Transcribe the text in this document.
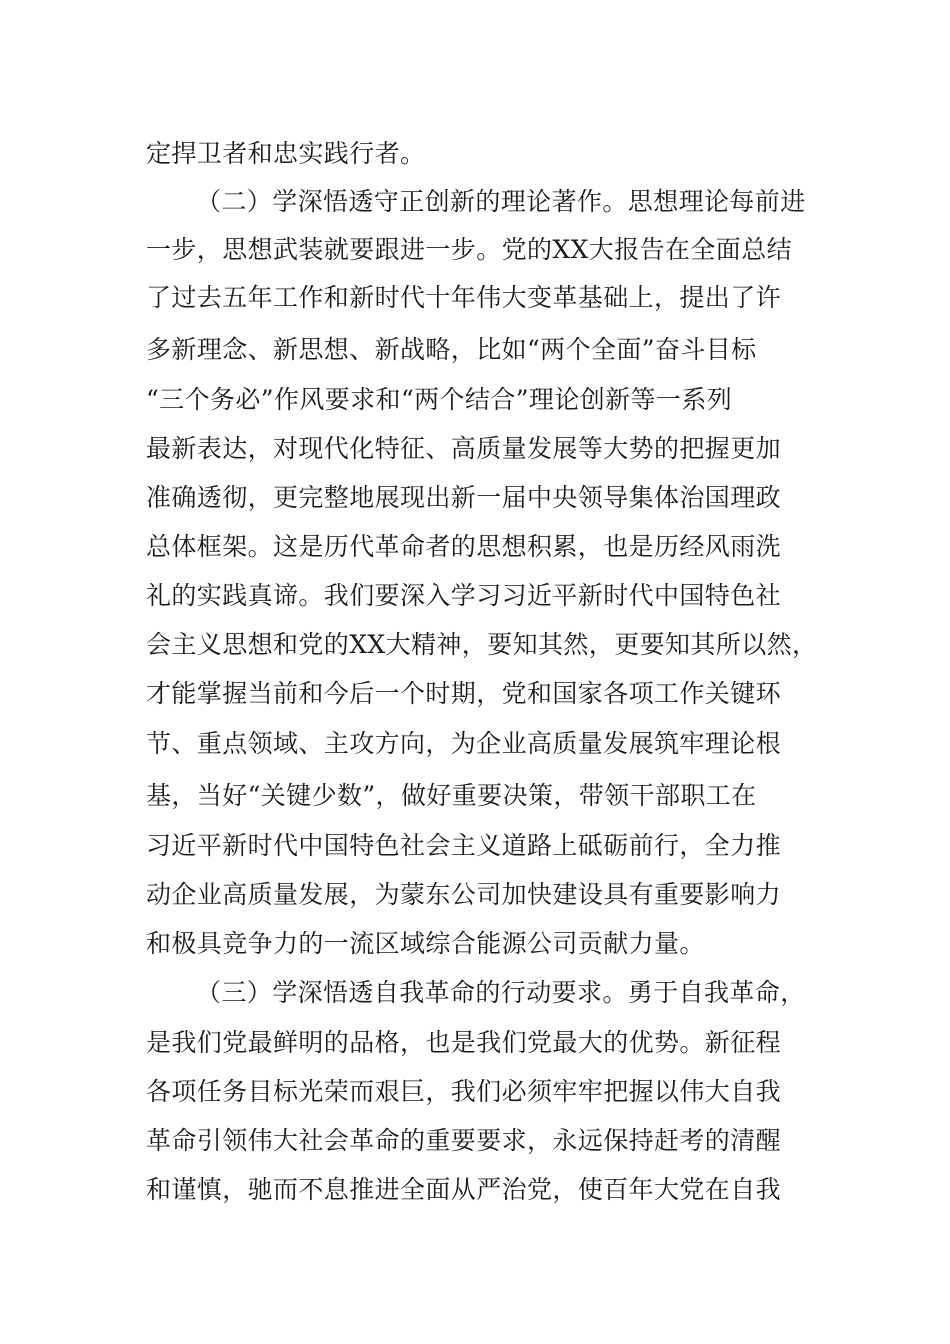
定捍卫者和忠实践行者。

（二）学深悟透守正创新的理论著作。思想理论每前进

一步，思想武装就要跟进一步。党的XX大报告在全面总结

了过去五年工作和新时代十年伟大变革基础上，提出了许

多新理念、新思想、新战略，比如“两个全面”奋斗目标

“三个务必”作风要求和“两个结合”理论创新等一系列

最新表达，对现代化特征、高质量发展等大势的把握更加

准确透彻，更完整地展现出新一届中央领导集体治国理政

总体框架。这是历代革命者的思想积累，也是历经风雨洗

礼的实践真谛。我们要深入学习习近平新时代中国特色社

会主义思想和党的XX大精神，要知其然，更要知其所以然，

才能掌握当前和今后一个时期，党和国家各项工作关键环

节、重点领域、主攻方向，为企业高质量发展筑牢理论根

基，当好“关键少数”，做好重要决策，带领干部职工在

习近平新时代中国特色社会主义道路上砥砺前行，全力推

动企业高质量发展，为蒙东公司加快建设具有重要影响力

和极具竞争力的一流区域综合能源公司贡献力量。

（三）学深悟透自我革命的行动要求。勇于自我革命，

是我们党最鲜明的品格，也是我们党最大的优势。新征程

各项任务目标光荣而艰巨，我们必须牢牢把握以伟大自我

革命引领伟大社会革命的重要要求，永远保持赶考的清醒

和谨慎，驰而不息推进全面从严治党，使百年大党在自我
